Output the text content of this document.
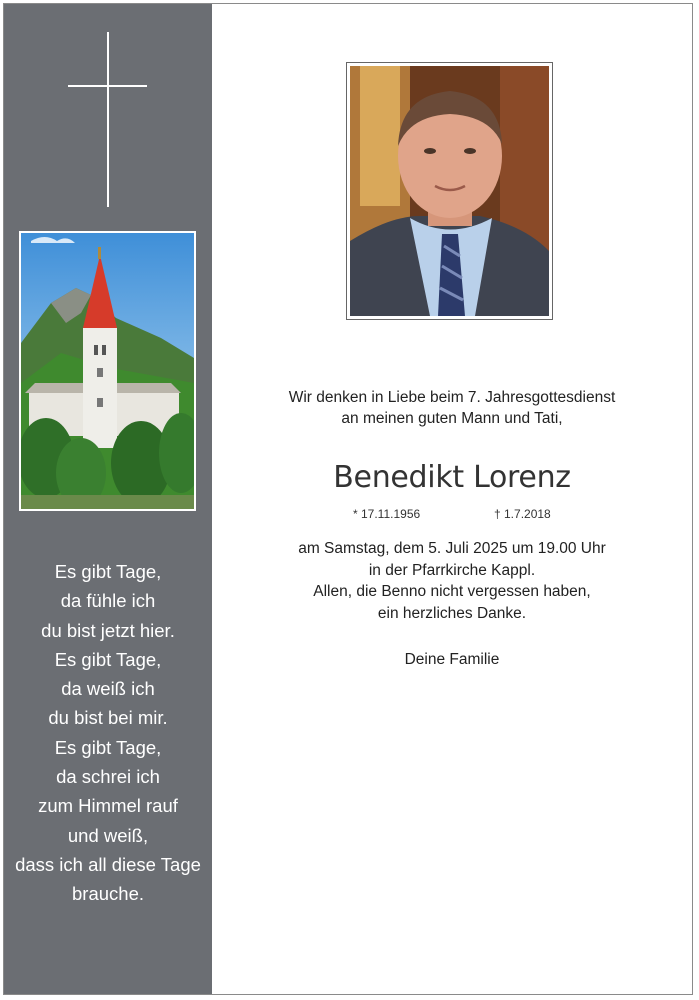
Es gibt Tage,
da fühle ich
du bist jetzt hier.
Es gibt Tage,
da weiß ich
du bist bei mir.
Es gibt Tage,
da schrei ich
zum Himmel rauf
und weiß,
dass ich all diese Tage
brauche.
Wir denken in Liebe beim 7. Jahresgottesdienst
an meinen guten Mann und Tati,
Benedikt Lorenz
* 17.11.1956	† 1.7.2018
am Samstag, dem 5. Juli 2025 um 19.00 Uhr
in der Pfarrkirche Kappl.
Allen, die Benno nicht vergessen haben,
ein herzliches Danke.
Deine Familie
